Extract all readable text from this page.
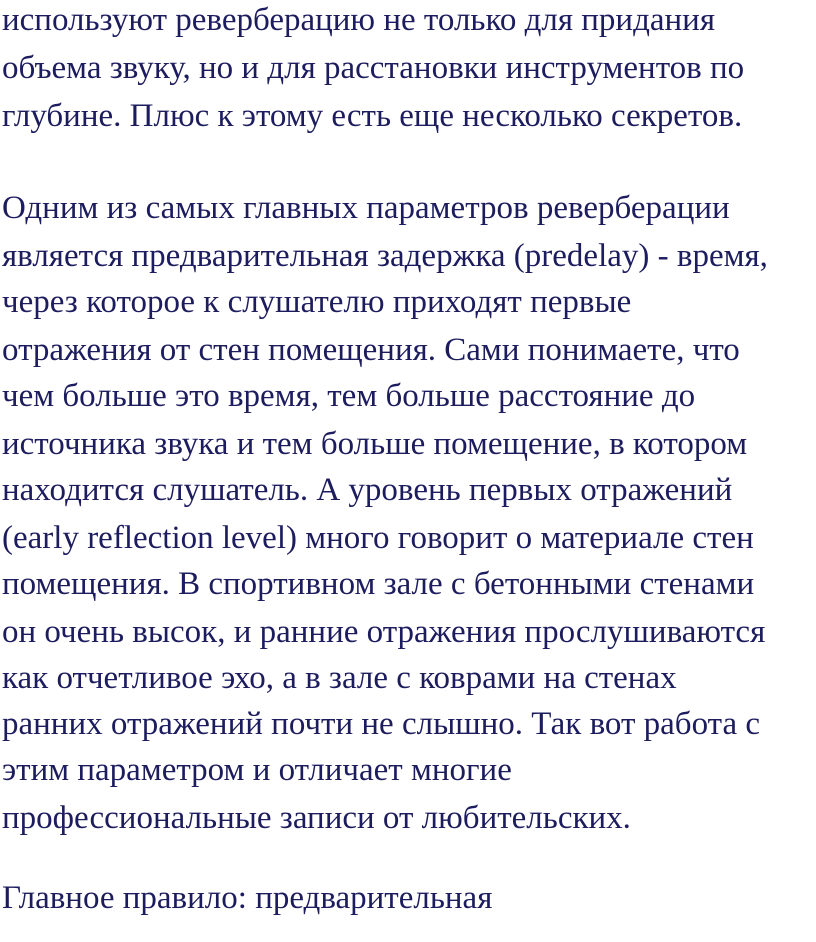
используют реверберацию не только для придания

объема звуку, но и для расстановки инструментов по

глубине. Плюс к этому есть еще несколько секретов.

Одним из самых главных параметров реверберации

является предварительная задержка (predelay) - время,

через которое к слушателю приходят первые

отражения от стен помещения. Сами понимаете, что

чем больше это время, тем больше расстояние до

источника звука и тем больше помещение, в котором

находится слушатель. А уровень первых отражений

(early reflection level) много говорит о материале стен

помещения. В спортивном зале с бетонными стенами

он очень высок, и ранние отражения прослушиваются

как отчетливое эхо, а в зале с коврами на стенах

ранних отражений почти не слышно. Так вот работа с

этим параметром и отличает многие

профессиональные записи от любительских.

Главное правило: предварительная
